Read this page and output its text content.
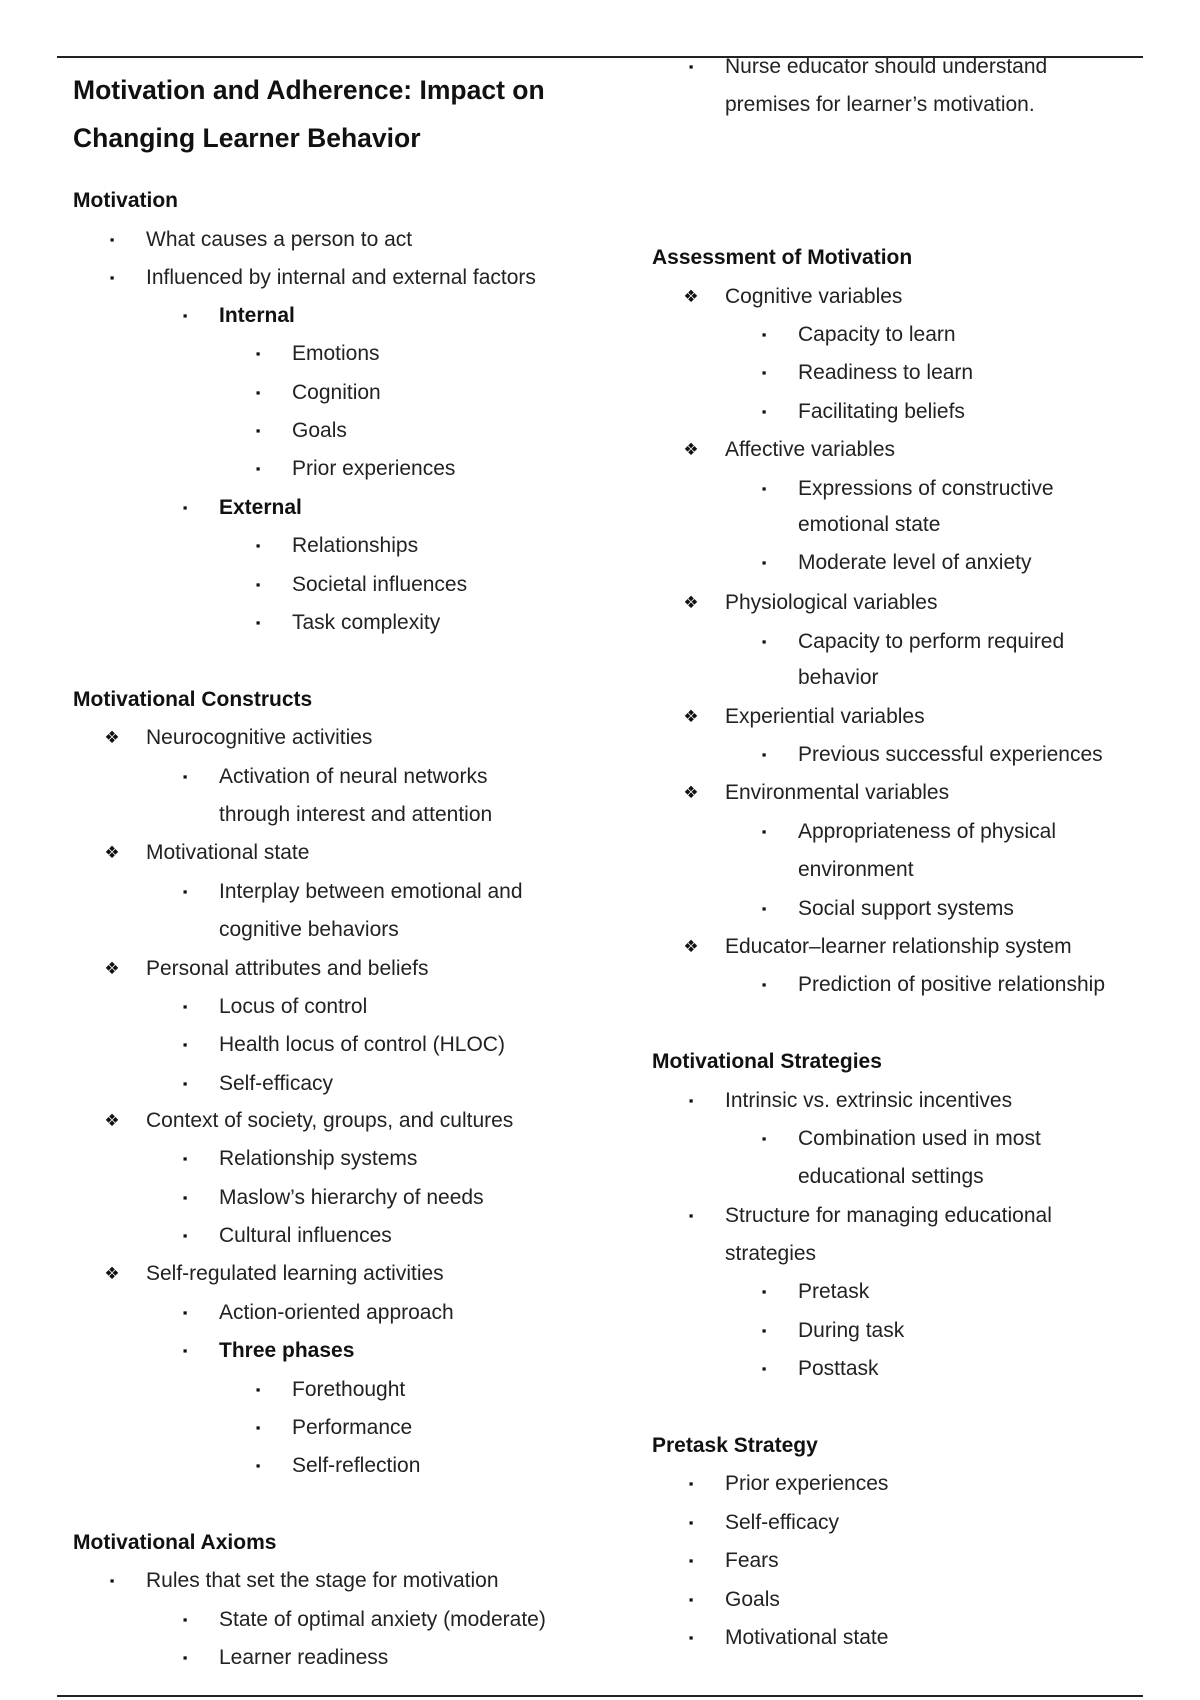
Motivation and Adherence: Impact on
Changing Learner Behavior
Motivation
▪	What causes a person to act
▪	Influenced by internal and external factors
▪	Internal
▪	Emotions
▪	Cognition
▪	Goals
▪	Prior experiences
▪	External
▪	Relationships
▪	Societal influences
▪	Task complexity
Motivational Constructs
❖ Neurocognitive activities
▪	Activation of neural networks
through interest and attention
❖ Motivational state
▪	Interplay between emotional and
cognitive behaviors
❖ Personal attributes and beliefs
▪	Locus of control
▪	Health locus of control (HLOC)
▪	Self-efficacy
❖ Context of society, groups, and cultures
▪	Relationship systems
▪	Maslow’s hierarchy of needs
▪	Cultural influences
❖ Self-regulated learning activities
▪	Action-oriented approach
▪	Three phases
▪	Forethought
▪	Performance
▪	Self-reflection
Motivational Axioms
▪	Rules that set the stage for motivation
▪	State of optimal anxiety (moderate)
▪	Learner readiness
▪	Nurse educator should understand
premises for learner’s motivation.
Assessment of Motivation
❖ Cognitive variables
▪	Capacity to learn
▪	Readiness to learn
▪	Facilitating beliefs
❖ Affective variables
▪	Expressions of constructive
emotional state
▪	Moderate level of anxiety
❖ Physiological variables
▪	Capacity to perform required
behavior
❖ Experiential variables
▪	Previous successful experiences
❖ Environmental variables
▪	Appropriateness of physical
environment
▪	Social support systems
❖ Educator–learner relationship system
▪	Prediction of positive relationship
Motivational Strategies
▪	Intrinsic vs. extrinsic incentives
▪	Combination used in most
educational settings
▪	Structure for managing educational
strategies
▪	Pretask
▪	During task
▪	Posttask
Pretask Strategy
▪	Prior experiences
▪	Self-efficacy
▪	Fears
▪	Goals
▪	Motivational state
